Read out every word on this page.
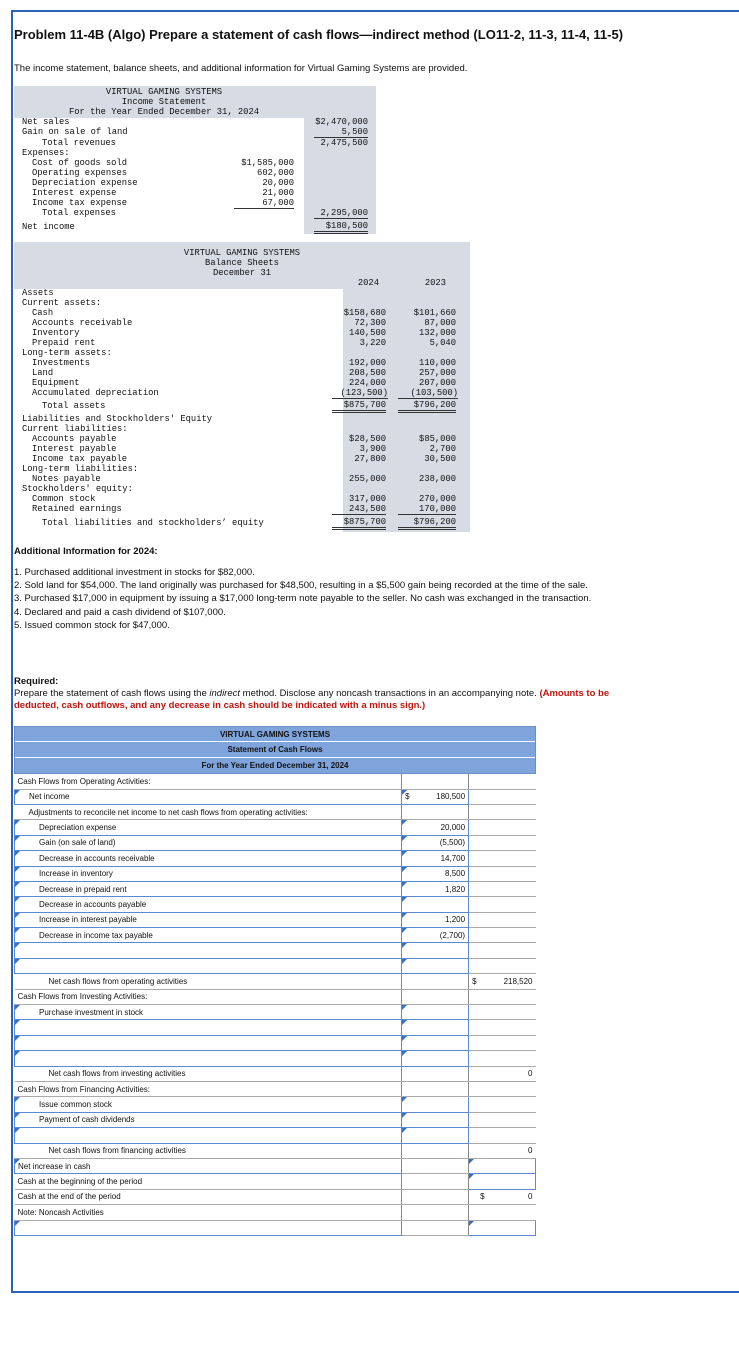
Problem 11-4B (Algo) Prepare a statement of cash flows—indirect method (LO11-2, 11-3, 11-4, 11-5)
The income statement, balance sheets, and additional information for Virtual Gaming Systems are provided.
VIRTUAL GAMING SYSTEMS
Income Statement
For the Year Ended December 31, 2024
Net sales	$2,470,000
Gain on sale of land	5,500
Total revenues	2,475,500
Expenses:
Cost of goods sold	$1,585,000
Operating expenses	602,000
Depreciation expense	20,000
Interest expense	21,000
Income tax expense	67,000
Total expenses	2,295,000
Net income	$180,500
VIRTUAL GAMING SYSTEMS
Balance Sheets
December 31
2024	2023
Assets
Current assets:
Cash	$158,680	$101,660
Accounts receivable	72,300	87,000
Inventory	140,500	132,000
Prepaid rent	3,220	5,040
Long-term assets:
Investments	192,000	110,000
Land	208,500	257,000
Equipment	224,000	207,000
Accumulated depreciation	(123,500)	(103,500)
Total assets	$875,700	$796,200
Liabilities and Stockholders' Equity
Current liabilities:
Accounts payable	$28,500	$85,000
Interest payable	3,900	2,700
Income tax payable	27,800	30,500
Long-term liabilities:
Notes payable	255,000	238,000
Stockholders' equity:
Common stock	317,000	270,000
Retained earnings	243,500	170,000
Total liabilities and stockholders’ equity	$875,700	$796,200
Additional Information for 2024:
1. Purchased additional investment in stocks for $82,000.
2. Sold land for $54,000. The land originally was purchased for $48,500, resulting in a $5,500 gain being recorded at the time of the sale.
3. Purchased $17,000 in equipment by issuing a $17,000 long-term note payable to the seller. No cash was exchanged in the transaction.
4. Declared and paid a cash dividend of $107,000.
5. Issued common stock for $47,000.
Required:
Prepare the statement of cash flows using the indirect method. Disclose any noncash transactions in an accompanying note. (Amounts to be deducted, cash outflows, and any decrease in cash should be indicated with a minus sign.)
VIRTUAL GAMING SYSTEMS
Statement of Cash Flows
For the Year Ended December 31, 2024		

Cash Flows from Operating Activities:		
Net income	$ 180,500	
Adjustments to reconcile net income to net cash flows from operating activities:		
Depreciation expense	20,000	
Gain (on sale of land)	(5,500)	
Decrease in accounts receivable	14,700	
Increase in inventory	8,500	
Decrease in prepaid rent	1,820	
Decrease in accounts payable		
Increase in interest payable	1,200	
Decrease in income tax payable	(2,700)	

Net cash flows from operating activities		$ 218,520
Cash Flows from Investing Activities:		
Purchase investment in stock		

Net cash flows from investing activities		0
Cash Flows from Financing Activities:		
Issue common stock		
Payment of cash dividends		

Net cash flows from financing activities		0
Net increase in cash		
Cash at the beginning of the period		
Cash at the end of the period		$ 0
Note: Noncash Activities		
